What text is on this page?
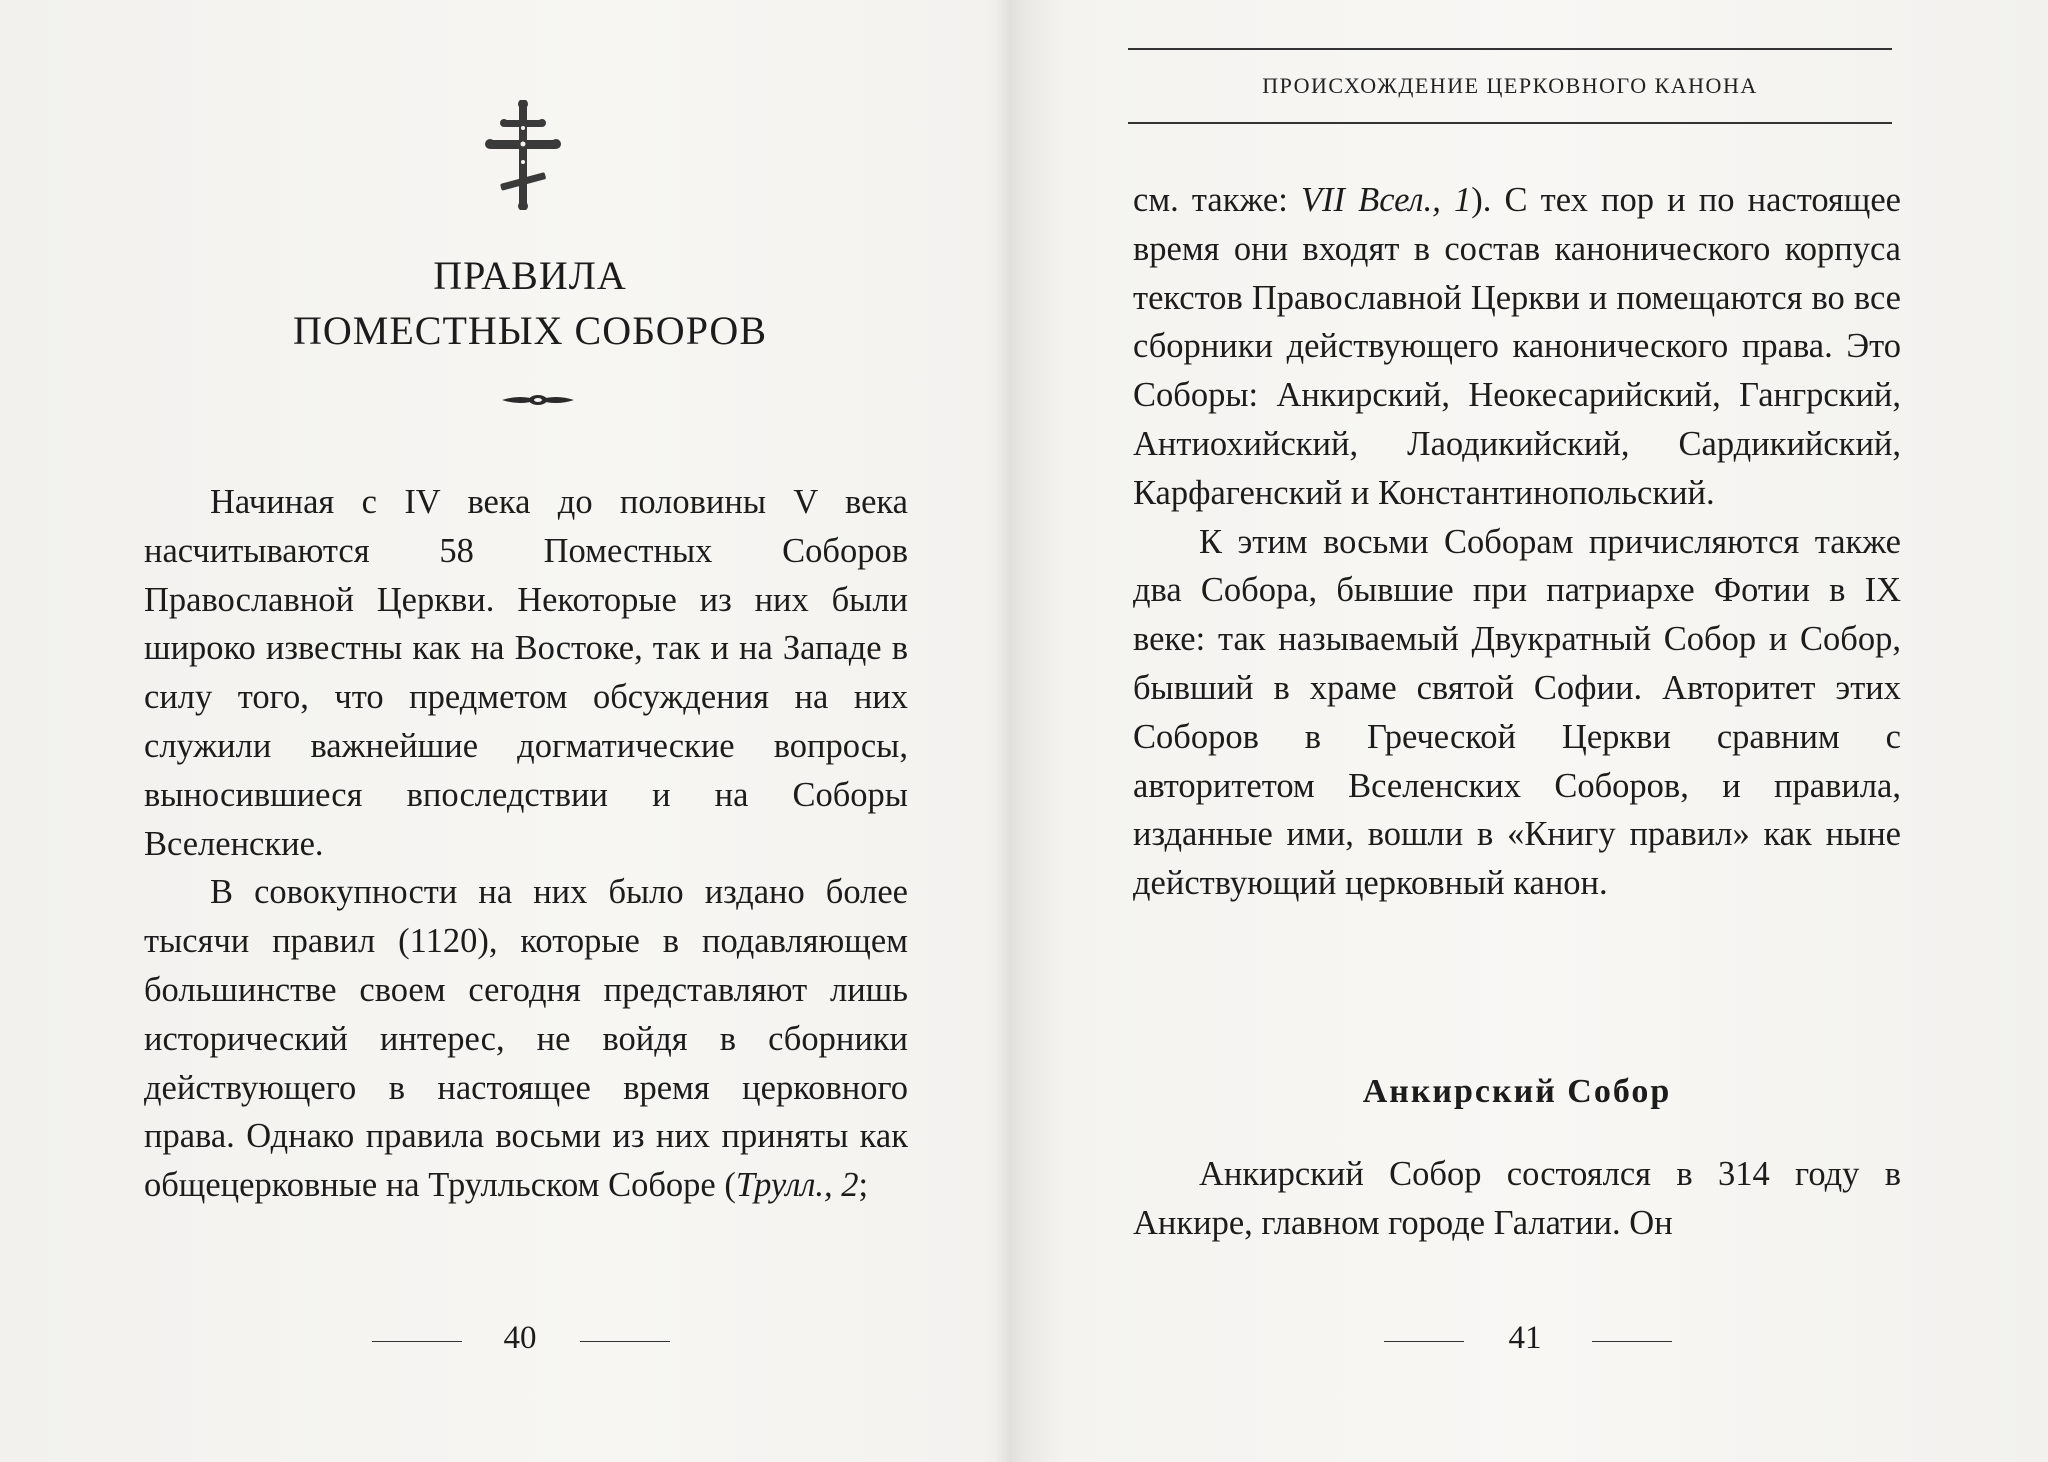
‎ ‎ ‎ ‎ ‎ ‎ ‎ ‎
ПРАВИЛА
ПОМЕСТНЫХ СОБОРОВ

Начиная с IV века до половины V века насчитываются 58 Поместных Соборов Православной Церкви. Некоторые из них были широко известны как на Востоке, так и на Западе в силу того, что предметом обсуждения на них служили важнейшие догматические вопросы, выносившиеся впоследствии и на Соборы Вселенские.

В совокупности на них было издано более тысячи правил (1120), которые в подавляющем большинстве своем сегодня представляют лишь исторический интерес, не войдя в сборники действующего в настоящее время церковного права. Однако правила восьми из них приняты как общецерковные на Трулльском Соборе (Трулл., 2;

40
ПРОИСХОЖДЕНИЕ ЦЕРКОВНОГО КАНОНА

см. также: VII Всел., 1). С тех пор и по настоящее время они входят в состав канонического корпуса текстов Православной Церкви и помещаются во все сборники действующего канонического права. Это Соборы: Анкирский, Неокесарийский, Гангрский, Антиохийский, Лаодикийский, Сардикийский, Карфагенский и Константинопольский.

К этим восьми Соборам причисляются также два Собора, бывшие при патриархе Фотии в IX веке: так называемый Двукратный Собор и Собор, бывший в храме святой Софии. Авторитет этих Соборов в Греческой Церкви сравним с авторитетом Вселенских Соборов, и правила, изданные ими, вошли в «Книгу правил» как ныне действующий церковный канон.

Анкирский Собор

Анкирский Собор состоялся в 314 году в Анкире, главном городе Галатии. Он

41
